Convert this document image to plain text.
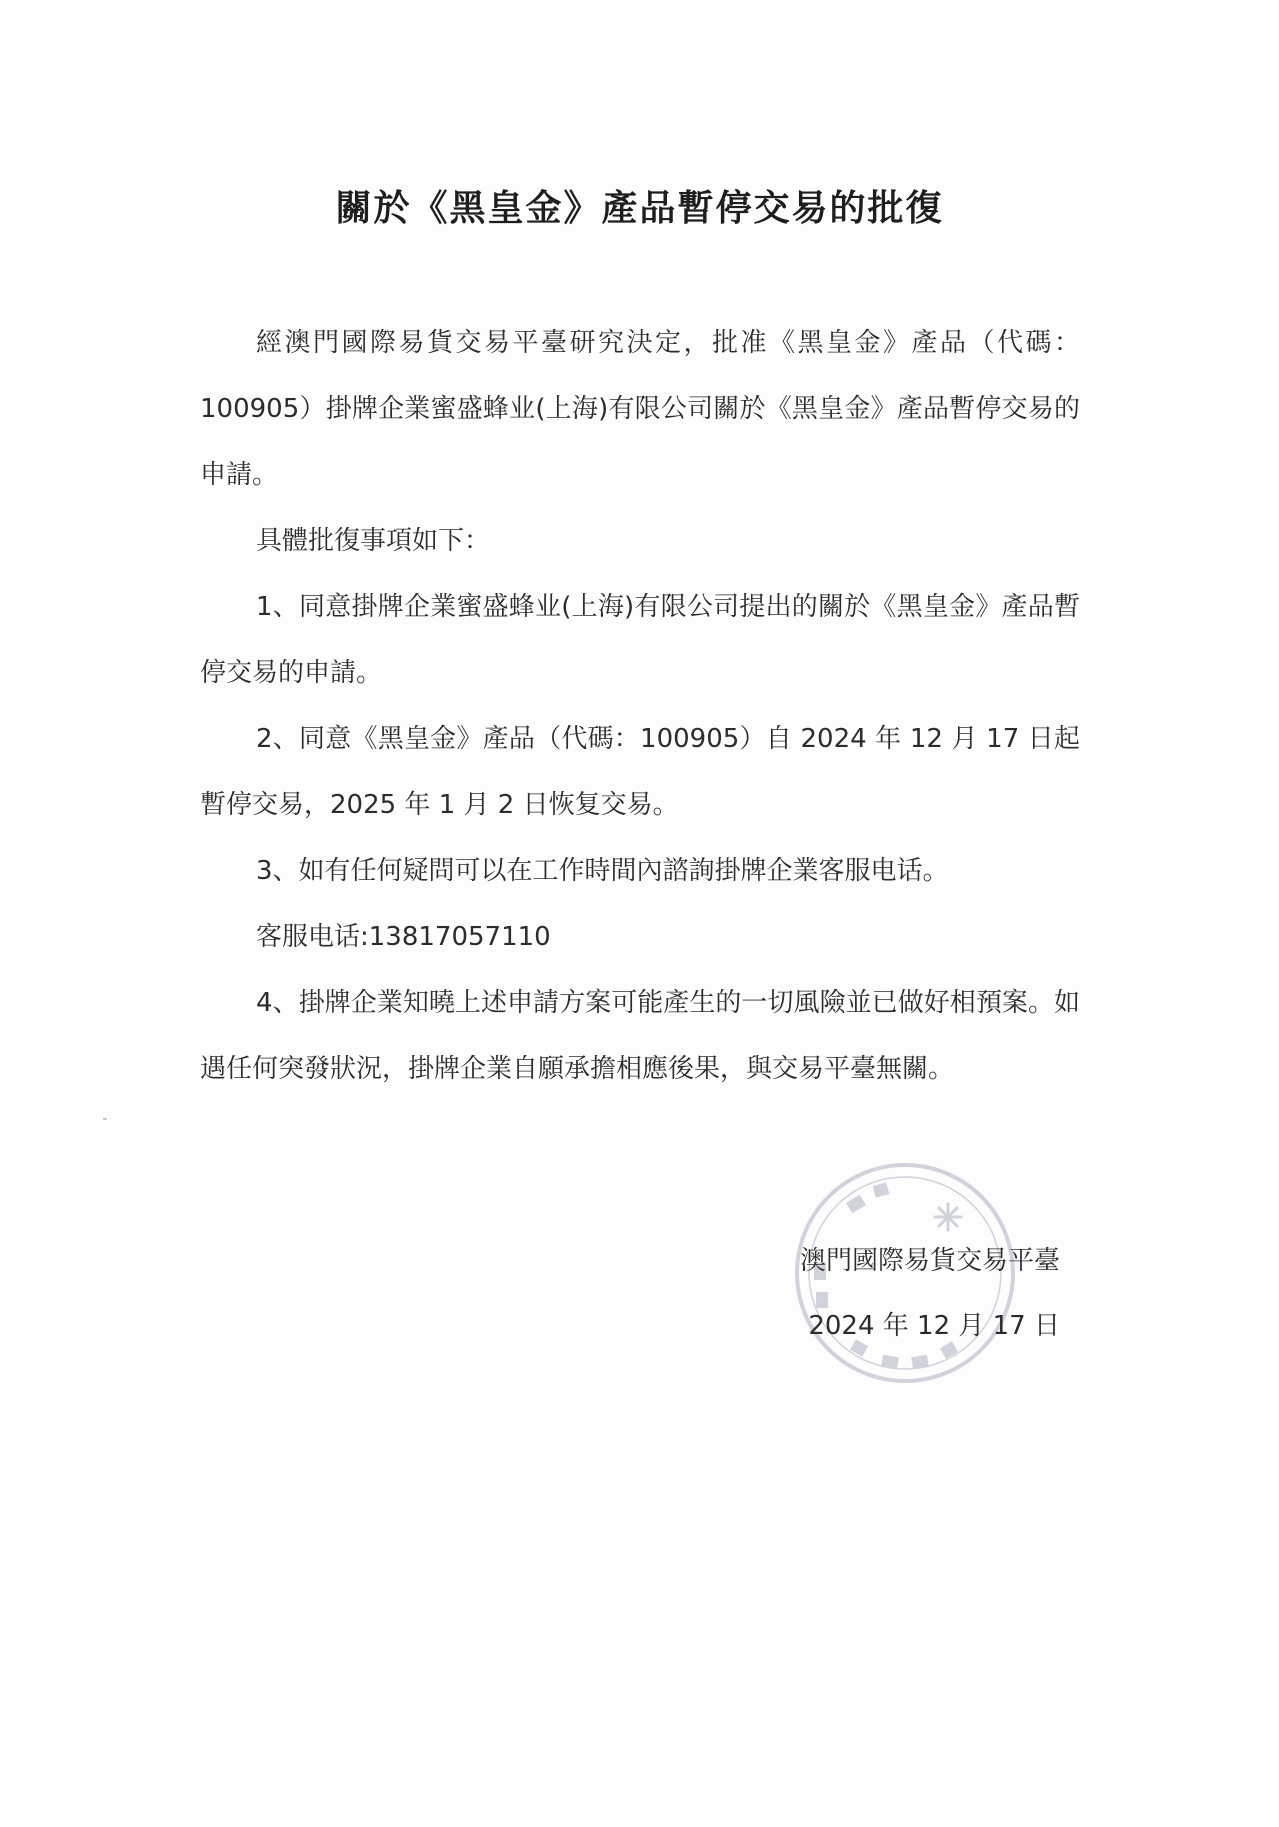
關於《黑皇金》產品暫停交易的批復

經澳門國際易貨交易平臺研究決定，批准《黑皇金》產品（代碼：100905）掛牌企業蜜盛蜂业(上海)有限公司關於《黑皇金》產品暫停交易的申請。

具體批復事項如下：

1、同意掛牌企業蜜盛蜂业(上海)有限公司提出的關於《黑皇金》產品暫停交易的申請。

2、同意《黑皇金》產品（代碼：100905）自 2024 年 12 月 17 日起暫停交易，2025 年 1 月 2 日恢复交易。

3、如有任何疑問可以在工作時間內諮詢掛牌企業客服电话。

客服电话:13817057110

4、掛牌企業知曉上述申請方案可能產生的一切風險並已做好相預案。如遇任何突發狀況，掛牌企業自願承擔相應後果，與交易平臺無關。

澳門國際易貨交易平臺
2024 年 12 月 17 日
